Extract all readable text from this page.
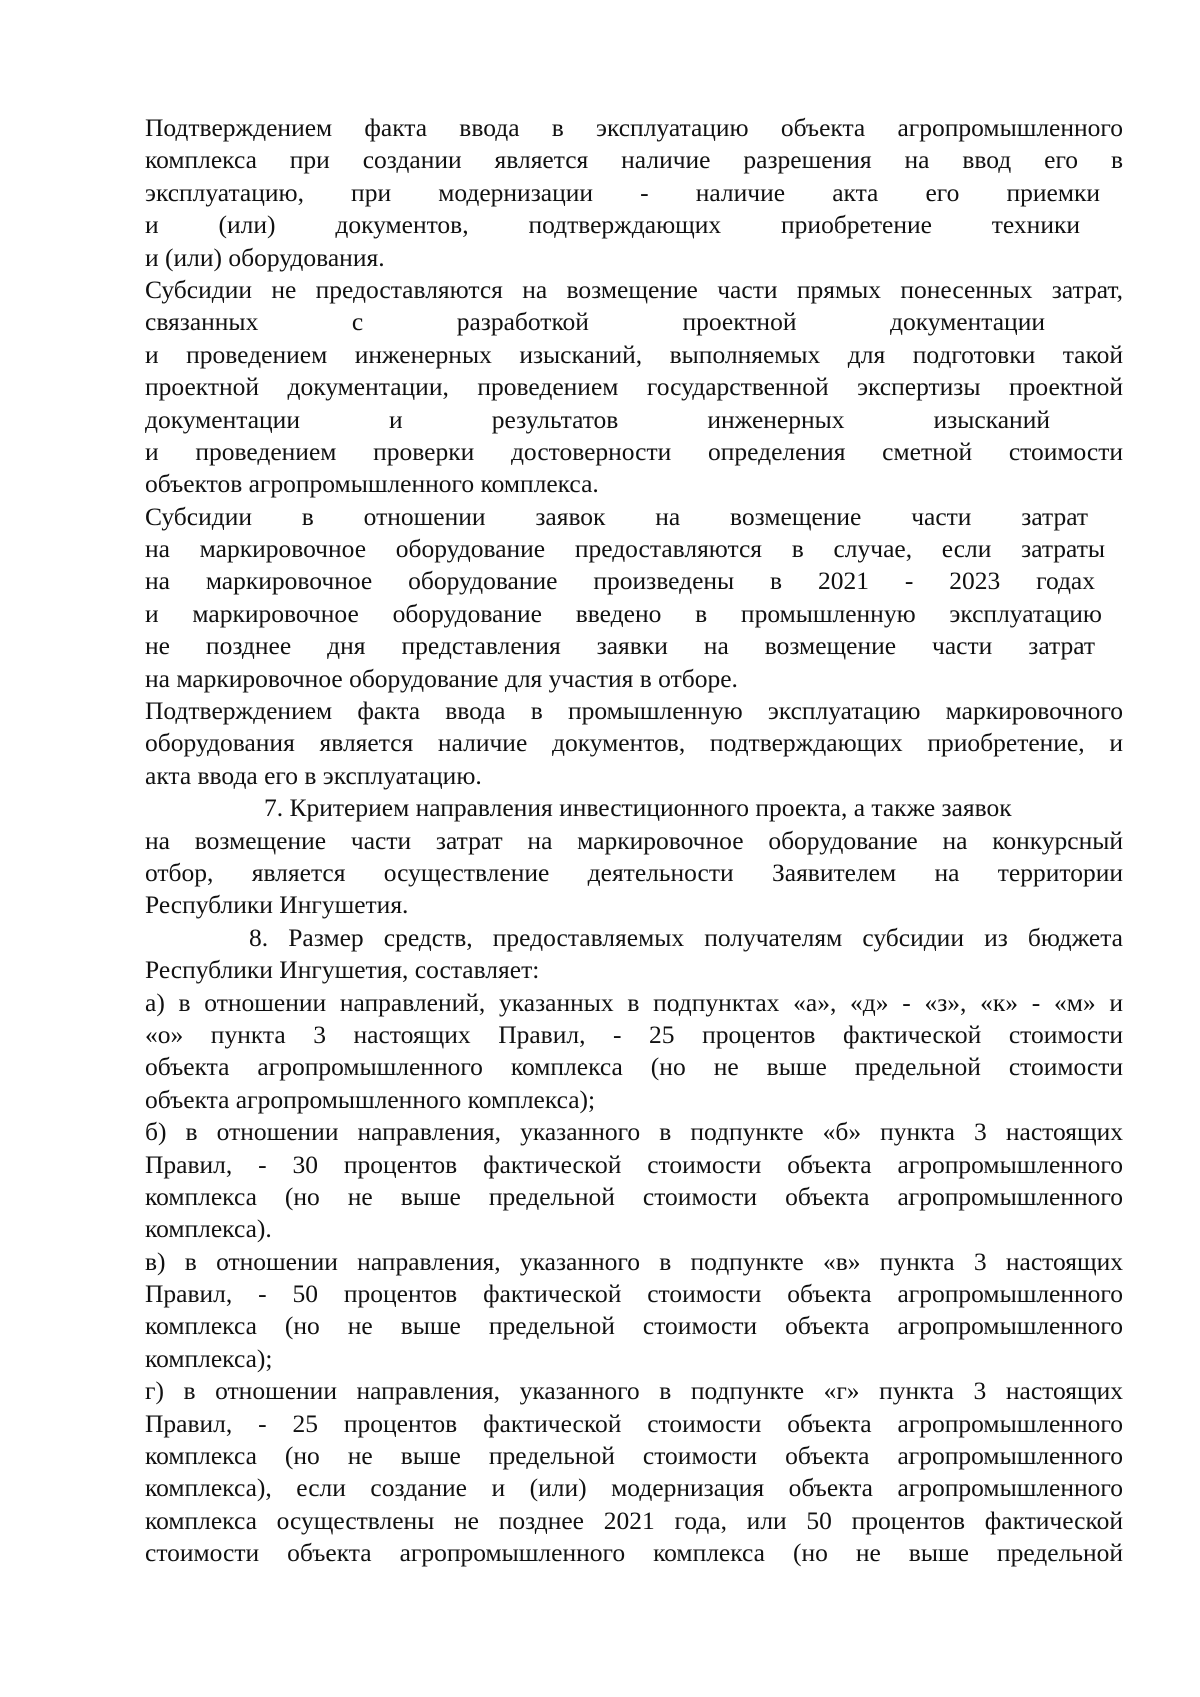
Подтверждением факта ввода в эксплуатацию объекта агропромышленного
комплекса при создании является наличие разрешения на ввод его в
эксплуатацию, при модернизации - наличие акта его приемки
и (или) документов, подтверждающих приобретение техники
и (или) оборудования.
Субсидии не предоставляются на возмещение части прямых понесенных затрат,
связанных с разработкой проектной документации
и проведением инженерных изысканий, выполняемых для подготовки такой
проектной документации, проведением государственной экспертизы проектной
документации и результатов инженерных изысканий
и проведением проверки достоверности определения сметной стоимости
объектов агропромышленного комплекса.
Субсидии в отношении заявок на возмещение части затрат
на маркировочное оборудование предоставляются в случае, если затраты
на маркировочное оборудование произведены в 2021 - 2023 годах
и маркировочное оборудование введено в промышленную эксплуатацию
не позднее дня представления заявки на возмещение части затрат
на маркировочное оборудование для участия в отборе.
Подтверждением факта ввода в промышленную эксплуатацию маркировочного
оборудования является наличие документов, подтверждающих приобретение, и
акта ввода его в эксплуатацию.
7. Критерием направления инвестиционного проекта, а также заявок
на возмещение части затрат на маркировочное оборудование на конкурсный
отбор, является осуществление деятельности Заявителем на территории
Республики Ингушетия.
8. Размер средств, предоставляемых получателям субсидии из бюджета
Республики Ингушетия, составляет:
а) в отношении направлений, указанных в подпунктах «а», «д» - «з», «к» - «м» и
«о» пункта 3 настоящих Правил, - 25 процентов фактической стоимости
объекта агропромышленного комплекса (но не выше предельной стоимости
объекта агропромышленного комплекса);
б) в отношении направления, указанного в подпункте «б» пункта 3 настоящих
Правил, - 30 процентов фактической стоимости объекта агропромышленного
комплекса (но не выше предельной стоимости объекта агропромышленного
комплекса).
в) в отношении направления, указанного в подпункте «в» пункта 3 настоящих
Правил, - 50 процентов фактической стоимости объекта агропромышленного
комплекса (но не выше предельной стоимости объекта агропромышленного
комплекса);
г) в отношении направления, указанного в подпункте «г» пункта 3 настоящих
Правил, - 25 процентов фактической стоимости объекта агропромышленного
комплекса (но не выше предельной стоимости объекта агропромышленного
комплекса), если создание и (или) модернизация объекта агропромышленного
комплекса осуществлены не позднее 2021 года, или 50 процентов фактической
стоимости объекта агропромышленного комплекса (но не выше предельной
